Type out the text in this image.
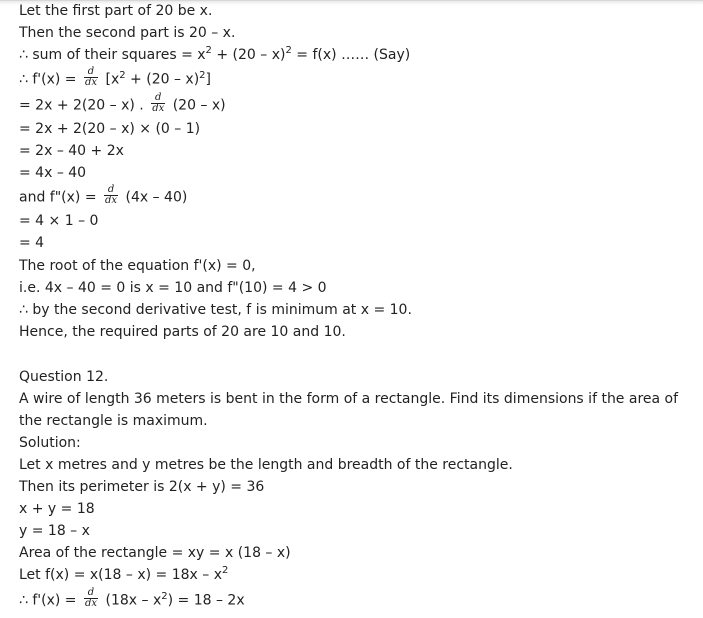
Let the first part of 20 be x.
Then the second part is 20 – x.
∴ sum of their squares = $x^2 + (20 - x)^2 = f(x)$ …… (Say)
∴ $f'(x) = \frac{d}{dx} [x^2 + (20 - x)^2]$
= 2x + 2(20 – x) . $\frac{d}{dx} (20 - x)$
= 2x + 2(20 – x) × (0 – 1)
= 2x – 40 + 2x
= 4x – 40
and f"(x) = $\frac{d}{dx} (4x - 40)$
= 4 × 1 – 0
= 4
The root of the equation f'(x) = 0,
i.e. 4x – 40 = 0 is x = 10 and f"(10) = 4 > 0
∴ by the second derivative test, f is minimum at x = 10.
Hence, the required parts of 20 are 10 and 10.
Question 12.
A wire of length 36 meters is bent in the form of a rectangle. Find its dimensions if the area of the rectangle is maximum.
Solution:
Let x metres and y metres be the length and breadth of the rectangle.
Then its perimeter is 2(x + y) = 36
x + y = 18
y = 18 – x
Area of the rectangle = xy = x (18 – x)
Let $f(x) = x(18 - x) = 18x - x^2$
∴ $f'(x) = \frac{d}{dx} (18x - x^2) = 18 - 2x$
